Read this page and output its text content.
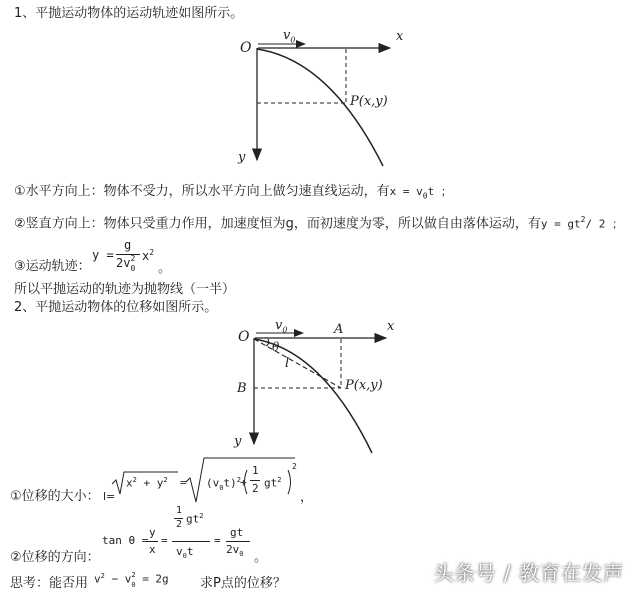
1、平抛运动物体的运动轨迹如图所示。
O
$v_0$	x
y
P(x,y)
①水平方向上：物体不受力，所以水平方向上做匀速直线运动，有$x = v_0t$ ；
②竖直方向上：物体只受重力作用，加速度恒为g，而初速度为零，所以做自由落体运动，有$y = gt^2/$ 2 ；
③运动轨迹：
y =
g
2v 2
0
$x^2$
。
所以平抛运动的轨迹为抛物线（一半）
2、平抛运动物体的位移如图所示。
O
$v_0$	A	x
θ
l
B	P(x,y)
y
①位移的大小： l=
$x^2 + y^2 = (v_0t)^2$ +
1
2 $gt^2$
2
，
②位移的方向：
tan θ =
y
x
=
1
2 $gt^2$
$v_0t$
=
gt
$2v_0$ 。
思考：能否用 $v^2 - v$ 2
0 = 2g 求P点的位移？	头条号 / 教育在发声
